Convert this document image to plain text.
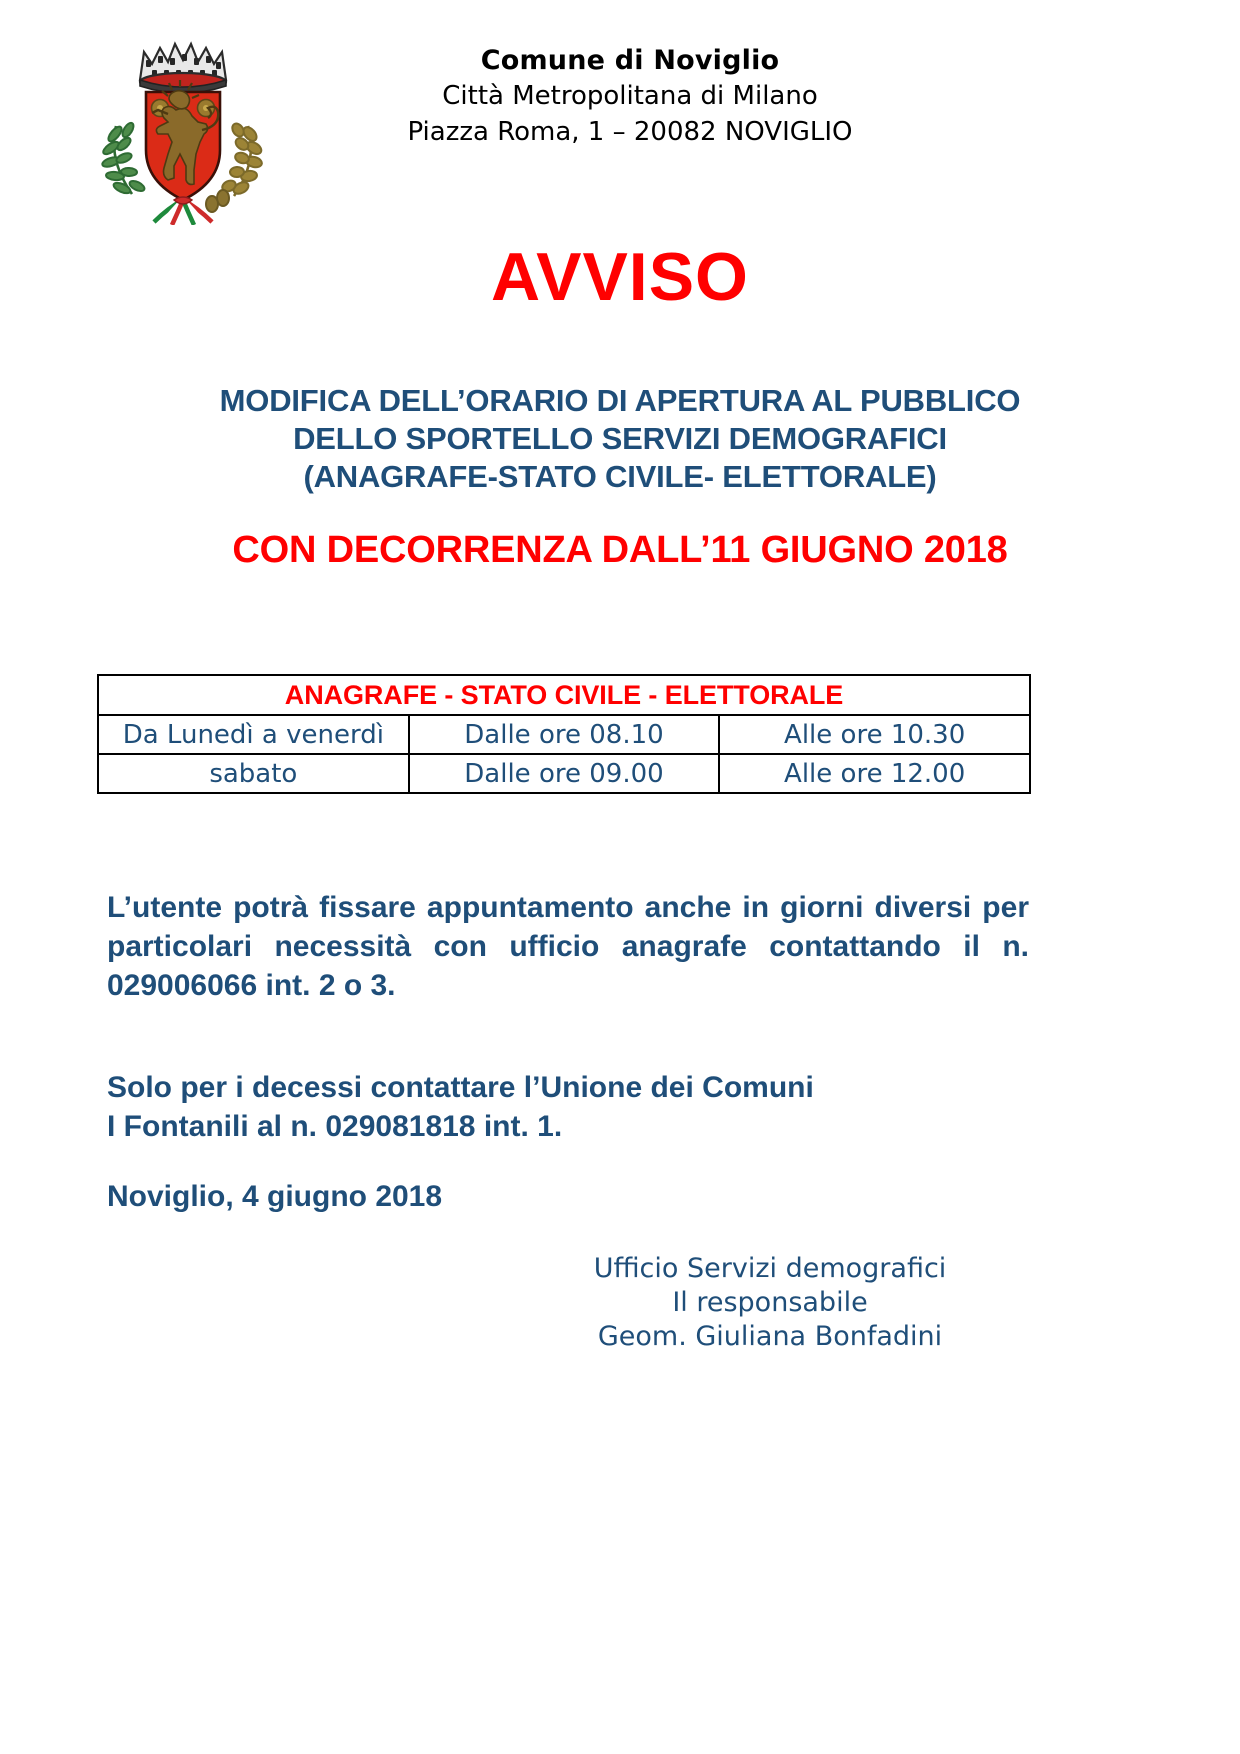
Comune di Noviglio
Città Metropolitana di Milano
Piazza Roma, 1 – 20082 NOVIGLIO
AVVISO
MODIFICA DELL’ORARIO DI APERTURA AL PUBBLICO
DELLO SPORTELLO SERVIZI DEMOGRAFICI
(ANAGRAFE-STATO CIVILE- ELETTORALE)
CON DECORRENZA DALL’11 GIUGNO 2018
ANAGRAFE - STATO CIVILE - ELETTORALE		
Da Lunedì a venerdì	Dalle ore 08.10	Alle ore 10.30
sabato	Dalle ore 09.00	Alle ore 12.00
L’utente potrà fissare appuntamento anche in giorni diversi per particolari necessità con ufficio anagrafe contattando il n. 029006066 int. 2 o 3.
Solo per i decessi contattare l’Unione dei Comuni
I Fontanili al n. 029081818 int. 1.
Noviglio, 4 giugno 2018
Ufficio Servizi demografici
Il responsabile
Geom. Giuliana Bonfadini
